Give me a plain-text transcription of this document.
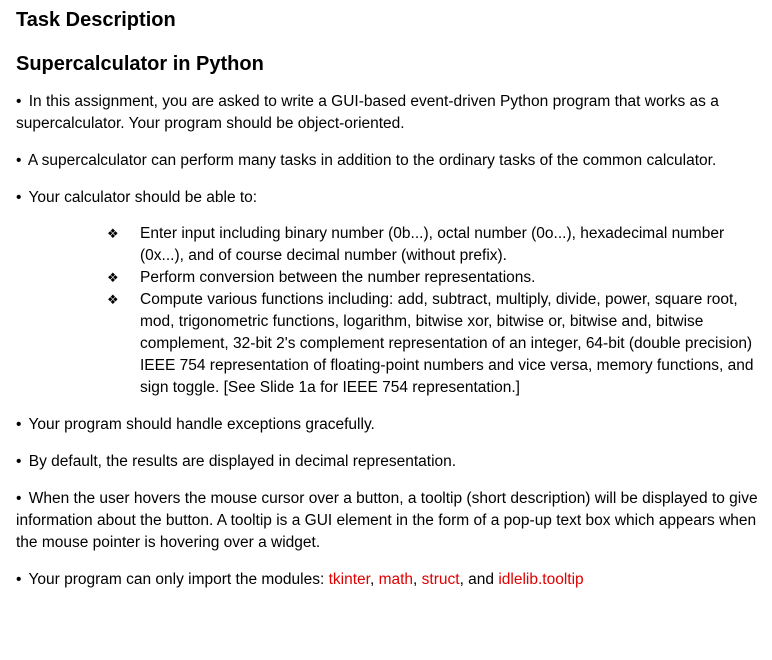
Task Description
Supercalculator in Python

• In this assignment, you are asked to write a GUI-based event-driven Python program that works as a supercalculator. Your program should be object-oriented.

• A supercalculator can perform many tasks in addition to the ordinary tasks of the common calculator.

• Your calculator should be able to:

❖ Enter input including binary number (0b...), octal number (0o...), hexadecimal number (0x...), and of course decimal number (without prefix).
❖ Perform conversion between the number representations.
❖ Compute various functions including: add, subtract, multiply, divide, power, square root, mod, trigonometric functions, logarithm, bitwise xor, bitwise or, bitwise and, bitwise complement, 32-bit 2's complement representation of an integer, 64-bit (double precision) IEEE 754 representation of floating-point numbers and vice versa, memory functions, and sign toggle. [See Slide 1a for IEEE 754 representation.]

• Your program should handle exceptions gracefully.

• By default, the results are displayed in decimal representation.

• When the user hovers the mouse cursor over a button, a tooltip (short description) will be displayed to give information about the button. A tooltip is a GUI element in the form of a pop-up text box which appears when the mouse pointer is hovering over a widget.

• Your program can only import the modules: tkinter, math, struct, and idlelib.tooltip
